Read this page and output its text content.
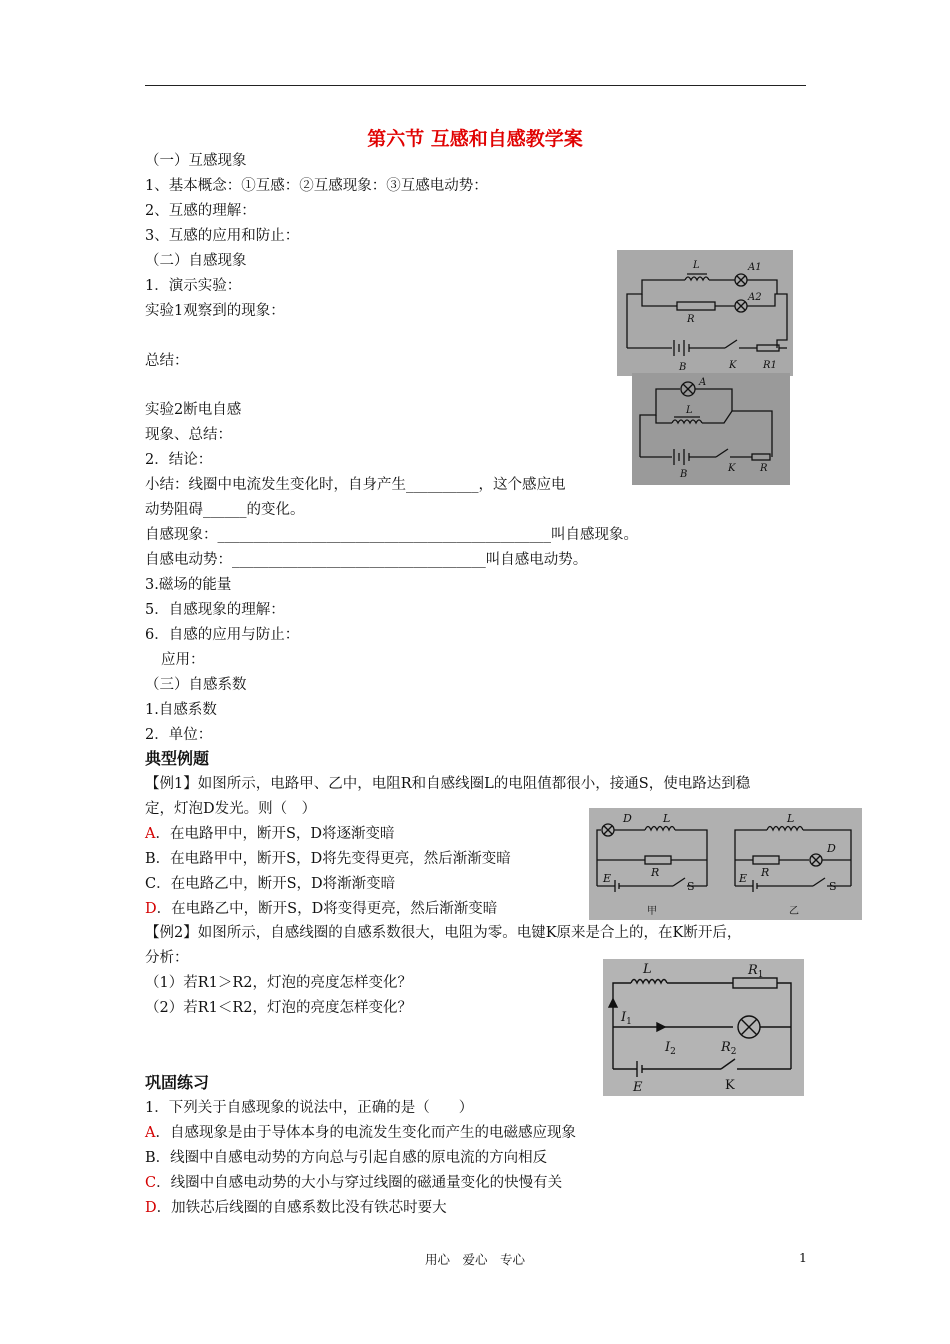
第六节 互感和自感教学案
（一）互感现象
1、基本概念：①互感：②互感现象：③互感电动势：
2、互感的理解：
3、互感的应用和防止：
（二）自感现象
1．演示实验：
实验1观察到的现象：
总结：
实验2断电自感
现象、总结：
2．结论：
小结：线圈中电流发生变化时，自身产生__________，这个感应电
动势阻碍______的变化。
自感现象：______________________________________________叫自感现象。
自感电动势：___________________________________叫自感电动势。
3.磁场的能量
5．自感现象的理解：
6．自感的应用与防止：
应用：
（三）自感系数
1.自感系数
2．单位：
典型例题
【例1】如图所示，电路甲、乙中，电阻R和自感线圈L的电阻值都很小，接通S，使电路达到稳
定，灯泡D发光。则（　）
A．在电路甲中，断开S，D将逐渐变暗
B．在电路甲中，断开S，D将先变得更亮，然后渐渐变暗
C．在电路乙中，断开S，D将渐渐变暗
D．在电路乙中，断开S，D将变得更亮，然后渐渐变暗
【例2】如图所示，自感线圈的自感系数很大，电阻为零。电键K原来是合上的，在K断开后，
分析：
（1）若R1＞R2，灯泡的亮度怎样变化？
（2）若R1＜R2，灯泡的亮度怎样变化？
巩固练习
1．下列关于自感现象的说法中，正确的是（　　）
A．自感现象是由于导体本身的电流发生变化而产生的电磁感应现象
B．线圈中自感电动势的方向总与引起自感的原电流的方向相反
C．线圈中自感电动势的大小与穿过线圈的磁通量变化的快慢有关
D．加铁芯后线圈的自感系数比没有铁芯时要大
L	A1
A2
R
B	K	R1
A
L
B
K R
D	L
R
E
S
甲
L
D
R
E
S
乙
L	$R_1$
$I_1$
$I_2$	$R_2$
E	K
用心　爱心　专心	1
